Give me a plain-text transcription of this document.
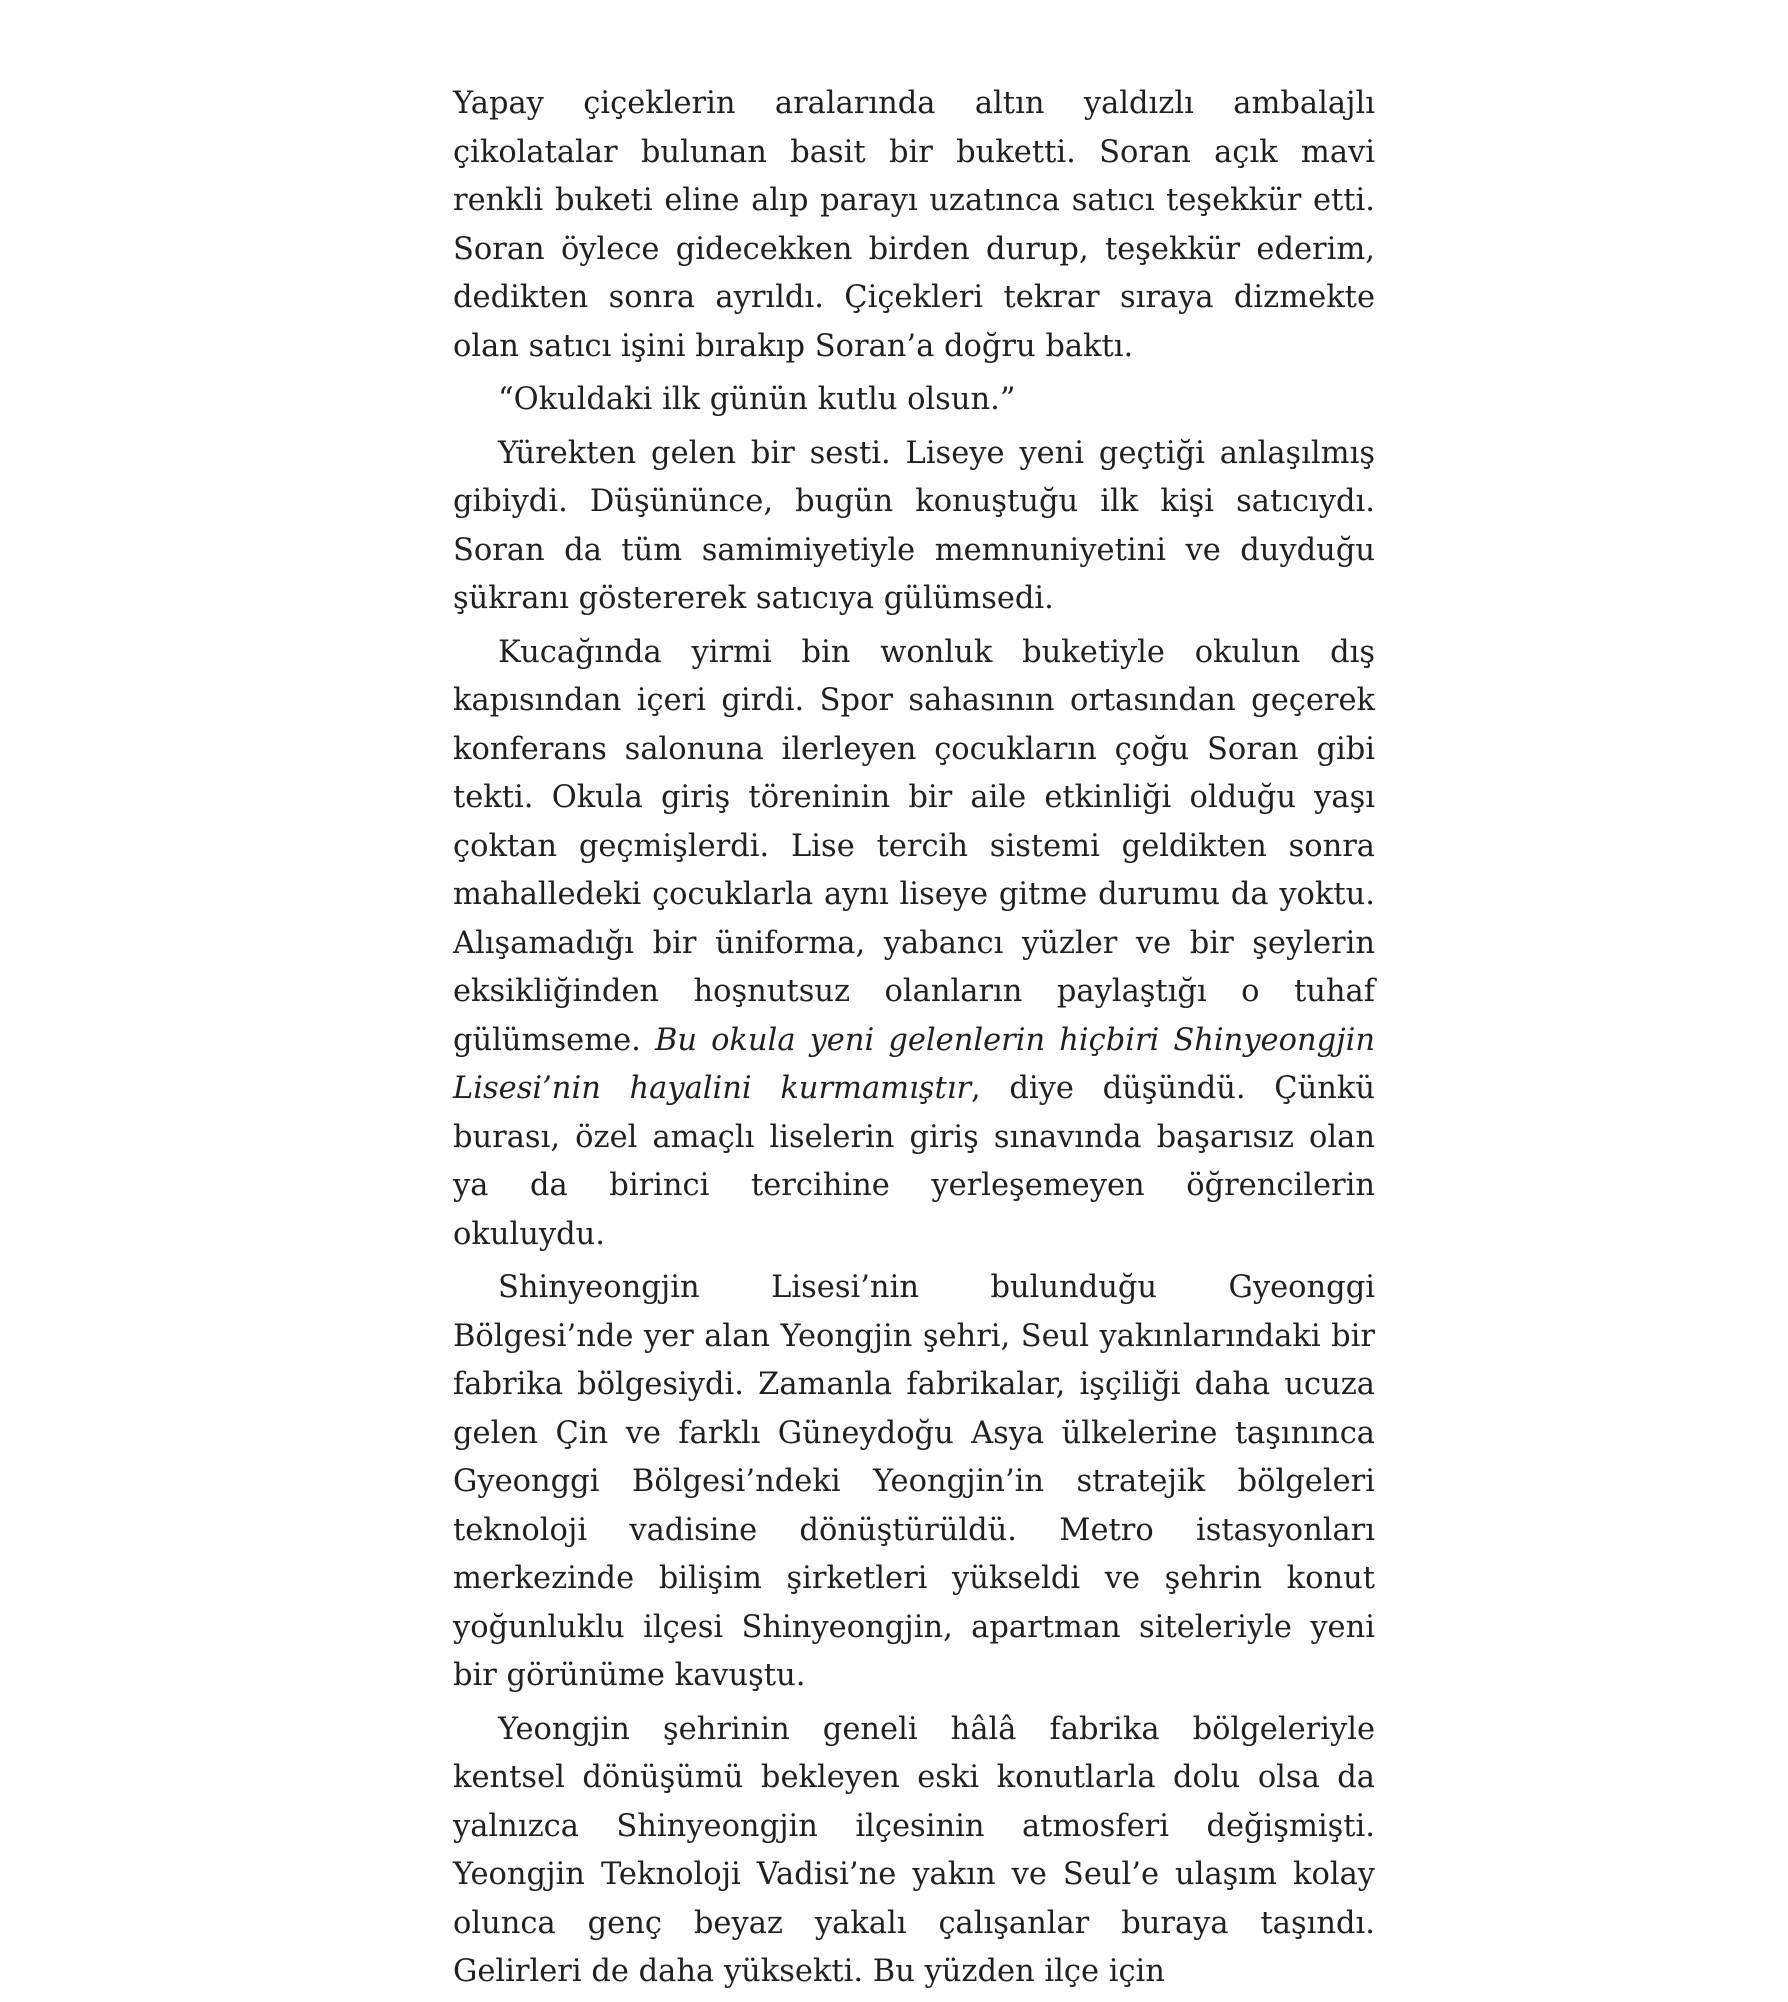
Yapay çiçeklerin aralarında altın yaldızlı ambalajlı çikolatalar bulunan basit bir buketti. Soran açık mavi renkli buketi eline alıp parayı uzatınca satıcı teşekkür etti. Soran öylece gidecekken birden durup, teşekkür ederim, dedikten sonra ayrıldı. Çiçekleri tekrar sıraya dizmekte olan satıcı işini bırakıp Soran’a doğru baktı.

“Okuldaki ilk günün kutlu olsun.”

Yürekten gelen bir sesti. Liseye yeni geçtiği anlaşılmış gibiydi. Düşününce, bugün konuştuğu ilk kişi satıcıydı. Soran da tüm samimiyetiyle memnuniyetini ve duyduğu şükranı göstererek satıcıya gülümsedi.

Kucağında yirmi bin wonluk buketiyle okulun dış kapısından içeri girdi. Spor sahasının ortasından geçerek konferans salonuna ilerleyen çocukların çoğu Soran gibi tekti. Okula giriş töreninin bir aile etkinliği olduğu yaşı çoktan geçmişlerdi. Lise tercih sistemi geldikten sonra mahalledeki çocuklarla aynı liseye gitme durumu da yoktu. Alışamadığı bir üniforma, yabancı yüzler ve bir şeylerin eksikliğinden hoşnutsuz olanların paylaştığı o tuhaf gülümseme. Bu okula yeni gelenlerin hiçbiri Shinyeongjin Lisesi’nin hayalini kurmamıştır, diye düşündü. Çünkü burası, özel amaçlı liselerin giriş sınavında başarısız olan ya da birinci tercihine yerleşemeyen öğrencilerin okuluydu.

Shinyeongjin Lisesi’nin bulunduğu Gyeonggi Bölgesi’nde yer alan Yeongjin şehri, Seul yakınlarındaki bir fabrika bölgesiydi. Zamanla fabrikalar, işçiliği daha ucuza gelen Çin ve farklı Güneydoğu Asya ülkelerine taşınınca Gyeonggi Bölgesi’ndeki Yeongjin’in stratejik bölgeleri teknoloji vadisine dönüştürüldü. Metro istasyonları merkezinde bilişim şirketleri yükseldi ve şehrin konut yoğunluklu ilçesi Shinyeongjin, apartman siteleriyle yeni bir görünüme kavuştu.

Yeongjin şehrinin geneli hâlâ fabrika bölgeleriyle kentsel dönüşümü bekleyen eski konutlarla dolu olsa da yalnızca Shinyeongjin ilçesinin atmosferi değişmişti. Yeongjin Teknoloji Vadisi’ne yakın ve Seul’e ulaşım kolay olunca genç beyaz yakalı çalışanlar buraya taşındı. Gelirleri de daha yüksekti. Bu yüzden ilçe için
